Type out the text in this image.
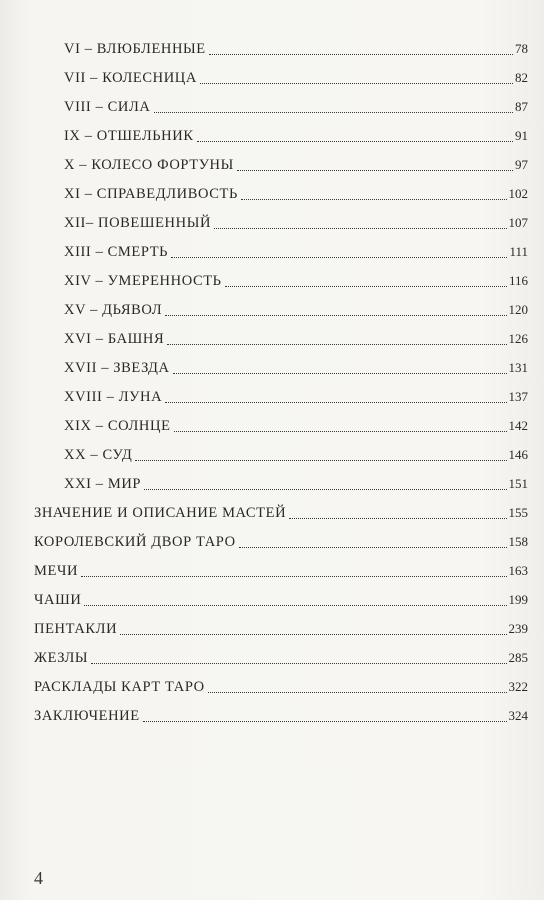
VI – ВЛЮБЛЕННЫЕ	78
VII – КОЛЕСНИЦА	82
VIII – СИЛА	87
IX – ОТШЕЛЬНИК	91
X – КОЛЕСО ФОРТУНЫ	97
XI – СПРАВЕДЛИВОСТЬ	102
XII– ПОВЕШЕННЫЙ	107
XIII – СМЕРТЬ	111
XIV – УМЕРЕННОСТЬ	116
XV – ДЬЯВОЛ	120
XVI – БАШНЯ	126
XVII – ЗВЕЗДА	131
XVIII – ЛУНА	137
XIX – СОЛНЦЕ	142
XX – СУД	146
XXI – МИР	151
ЗНАЧЕНИЕ И ОПИСАНИЕ МАСТЕЙ	155
КОРОЛЕВСКИЙ ДВОР ТАРО	158
МЕЧИ	163
ЧАШИ	199
ПЕНТАКЛИ	239
ЖЕЗЛЫ	285
РАСКЛАДЫ КАРТ ТАРО	322
ЗАКЛЮЧЕНИЕ	324
4
